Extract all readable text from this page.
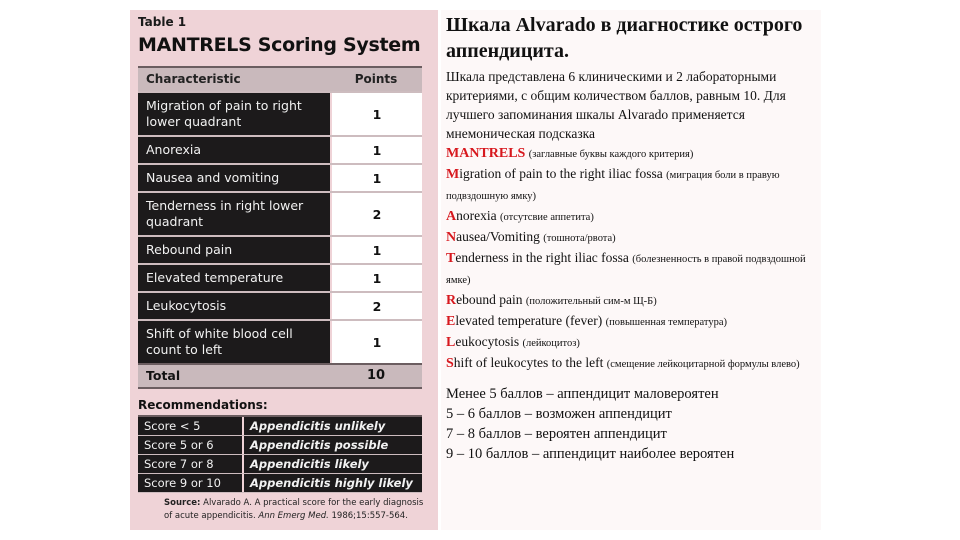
Table 1
MANTRELS Scoring System
Characteristic	Points
Migration of pain to right lower quadrant	1
Anorexia	1
Nausea and vomiting	1
Tenderness in right lower quadrant	2
Rebound pain	1
Elevated temperature	1
Leukocytosis	2
Shift of white blood cell count to left	1
Total	10
Recommendations:
Score < 5	Appendicitis unlikely
Score 5 or 6	Appendicitis possible
Score 7 or 8	Appendicitis likely
Score 9 or 10	Appendicitis highly likely
Source: Alvarado A. A practical score for the early diagnosis of acute appendicitis. Ann Emerg Med. 1986;15:557-564.
Шкала Alvarado в диагностике острого аппендицита.
Шкала представлена 6 клиническими и 2 лабораторными критериями, с общим количеством баллов, равным 10. Для лучшего запоминания шкалы Alvarado применяется мнемоническая подсказка
MANTRELS (заглавные буквы каждого критерия)
Migration of pain to the right iliac fossa (миграция боли в правую подвздошную ямку)
Anorexia (отсутсвие аппетита)
Nausea/Vomiting (тошнота/рвота)
Tenderness in the right iliac fossa (болезненность в правой подвздошной ямке)
Rebound pain (положительный сим-м Щ-Б)
Elevated temperature (fever) (повышенная температура)
Leukocytosis (лейкоцитоз)
Shift of leukocytes to the left (смещение лейкоцитарной формулы влево)
Менее 5 баллов – аппендицит маловероятен
5 – 6 баллов – возможен аппендицит
7 – 8 баллов – вероятен аппендицит
9 – 10 баллов – аппендицит наиболее вероятен
